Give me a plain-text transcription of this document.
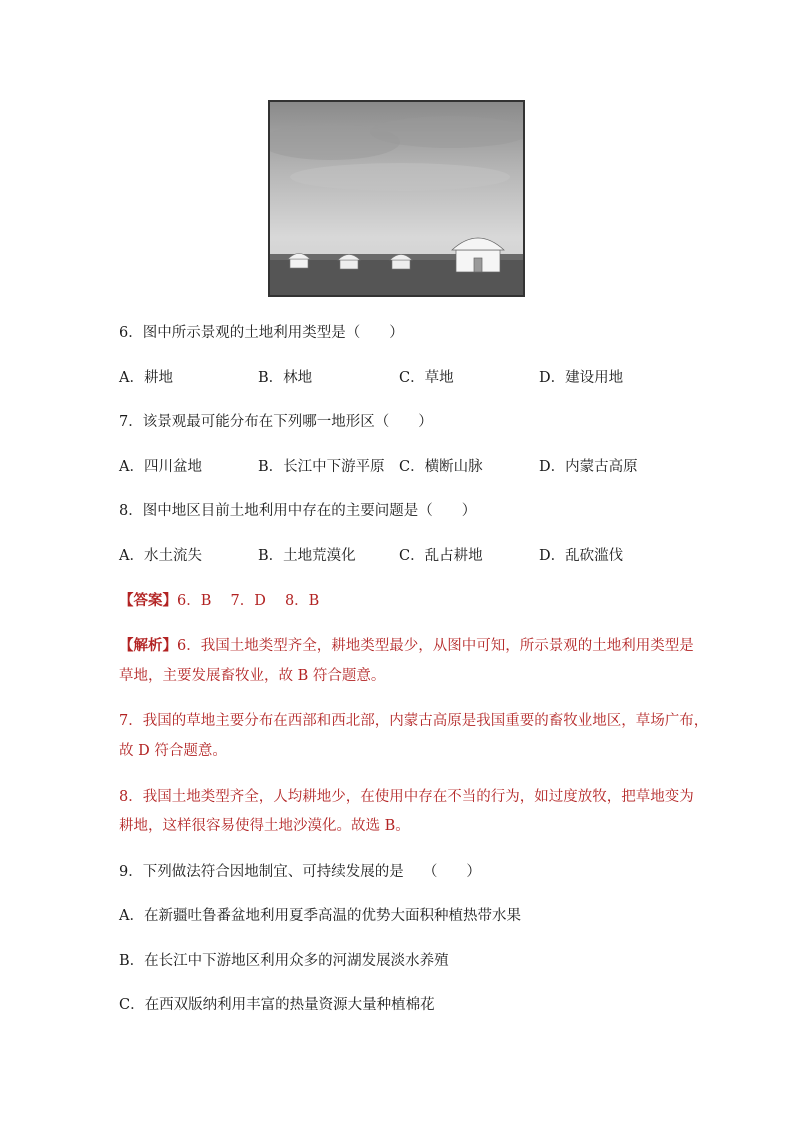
6．图中所示景观的土地利用类型是（　　）
A．耕地	B．林地	C．草地	D．建设用地
7．该景观最可能分布在下列哪一地形区（　　）
A．四川盆地	B．长江中下游平原 C．横断山脉	D．内蒙古高原
8．图中地区目前土地利用中存在的主要问题是（　　）
A．水土流失	B．土地荒漠化	C．乱占耕地	D．乱砍滥伐
【答案】6．B　 7．D　 8．B
【解析】6．我国土地类型齐全，耕地类型最少，从图中可知，所示景观的土地利用类型是
草地，主要发展畜牧业，故 B 符合题意。
7．我国的草地主要分布在西部和西北部，内蒙古高原是我国重要的畜牧业地区，草场广布，
故 D 符合题意。
8．我国土地类型齐全，人均耕地少，在使用中存在不当的行为，如过度放牧，把草地变为
耕地，这样很容易使得土地沙漠化。故选 B。
9．下列做法符合因地制宜、可持续发展的是　 （　　）
A．在新疆吐鲁番盆地利用夏季高温的优势大面积种植热带水果
B．在长江中下游地区利用众多的河湖发展淡水养殖
C．在西双版纳利用丰富的热量资源大量种植棉花
